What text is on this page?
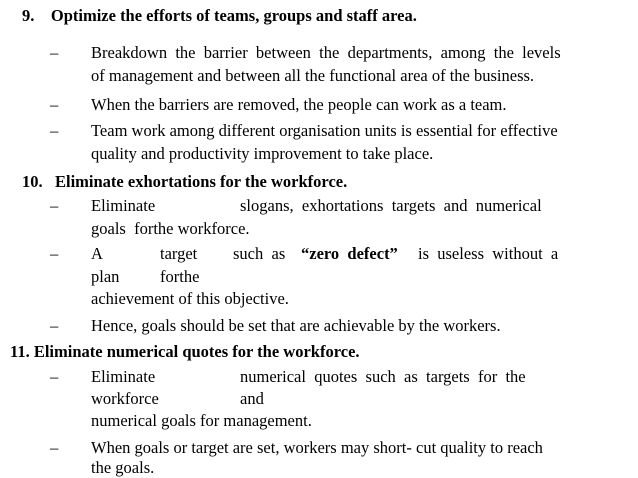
9.    Optimize the efforts of teams, groups and staff area.
– Breakdown  the  barrier  between  the  departments,  among  the  levels
of management and between all the functional area of the business.
– When the barriers are removed, the people can work as a team.
– Team work among different organisation units is essential for effective
quality and productivity improvement to take place.
10.   Eliminate exhortations for the workforce.
– Eliminate	slogans,  exhortations  targets  and  numerical
goals  forthe workforce.
– A	target such  as “zero  defect” is  useless  without  a
plan forthe
achievement of this objective.
– Hence, goals should be set that are achievable by the workers.
11. Eliminate numerical quotes for the workforce.
– Eliminate	numerical  quotes  such  as  targets  for  the
workforce	and
numerical goals for management.
– When goals or target are set, workers may short- cut quality to reach
the goals.
